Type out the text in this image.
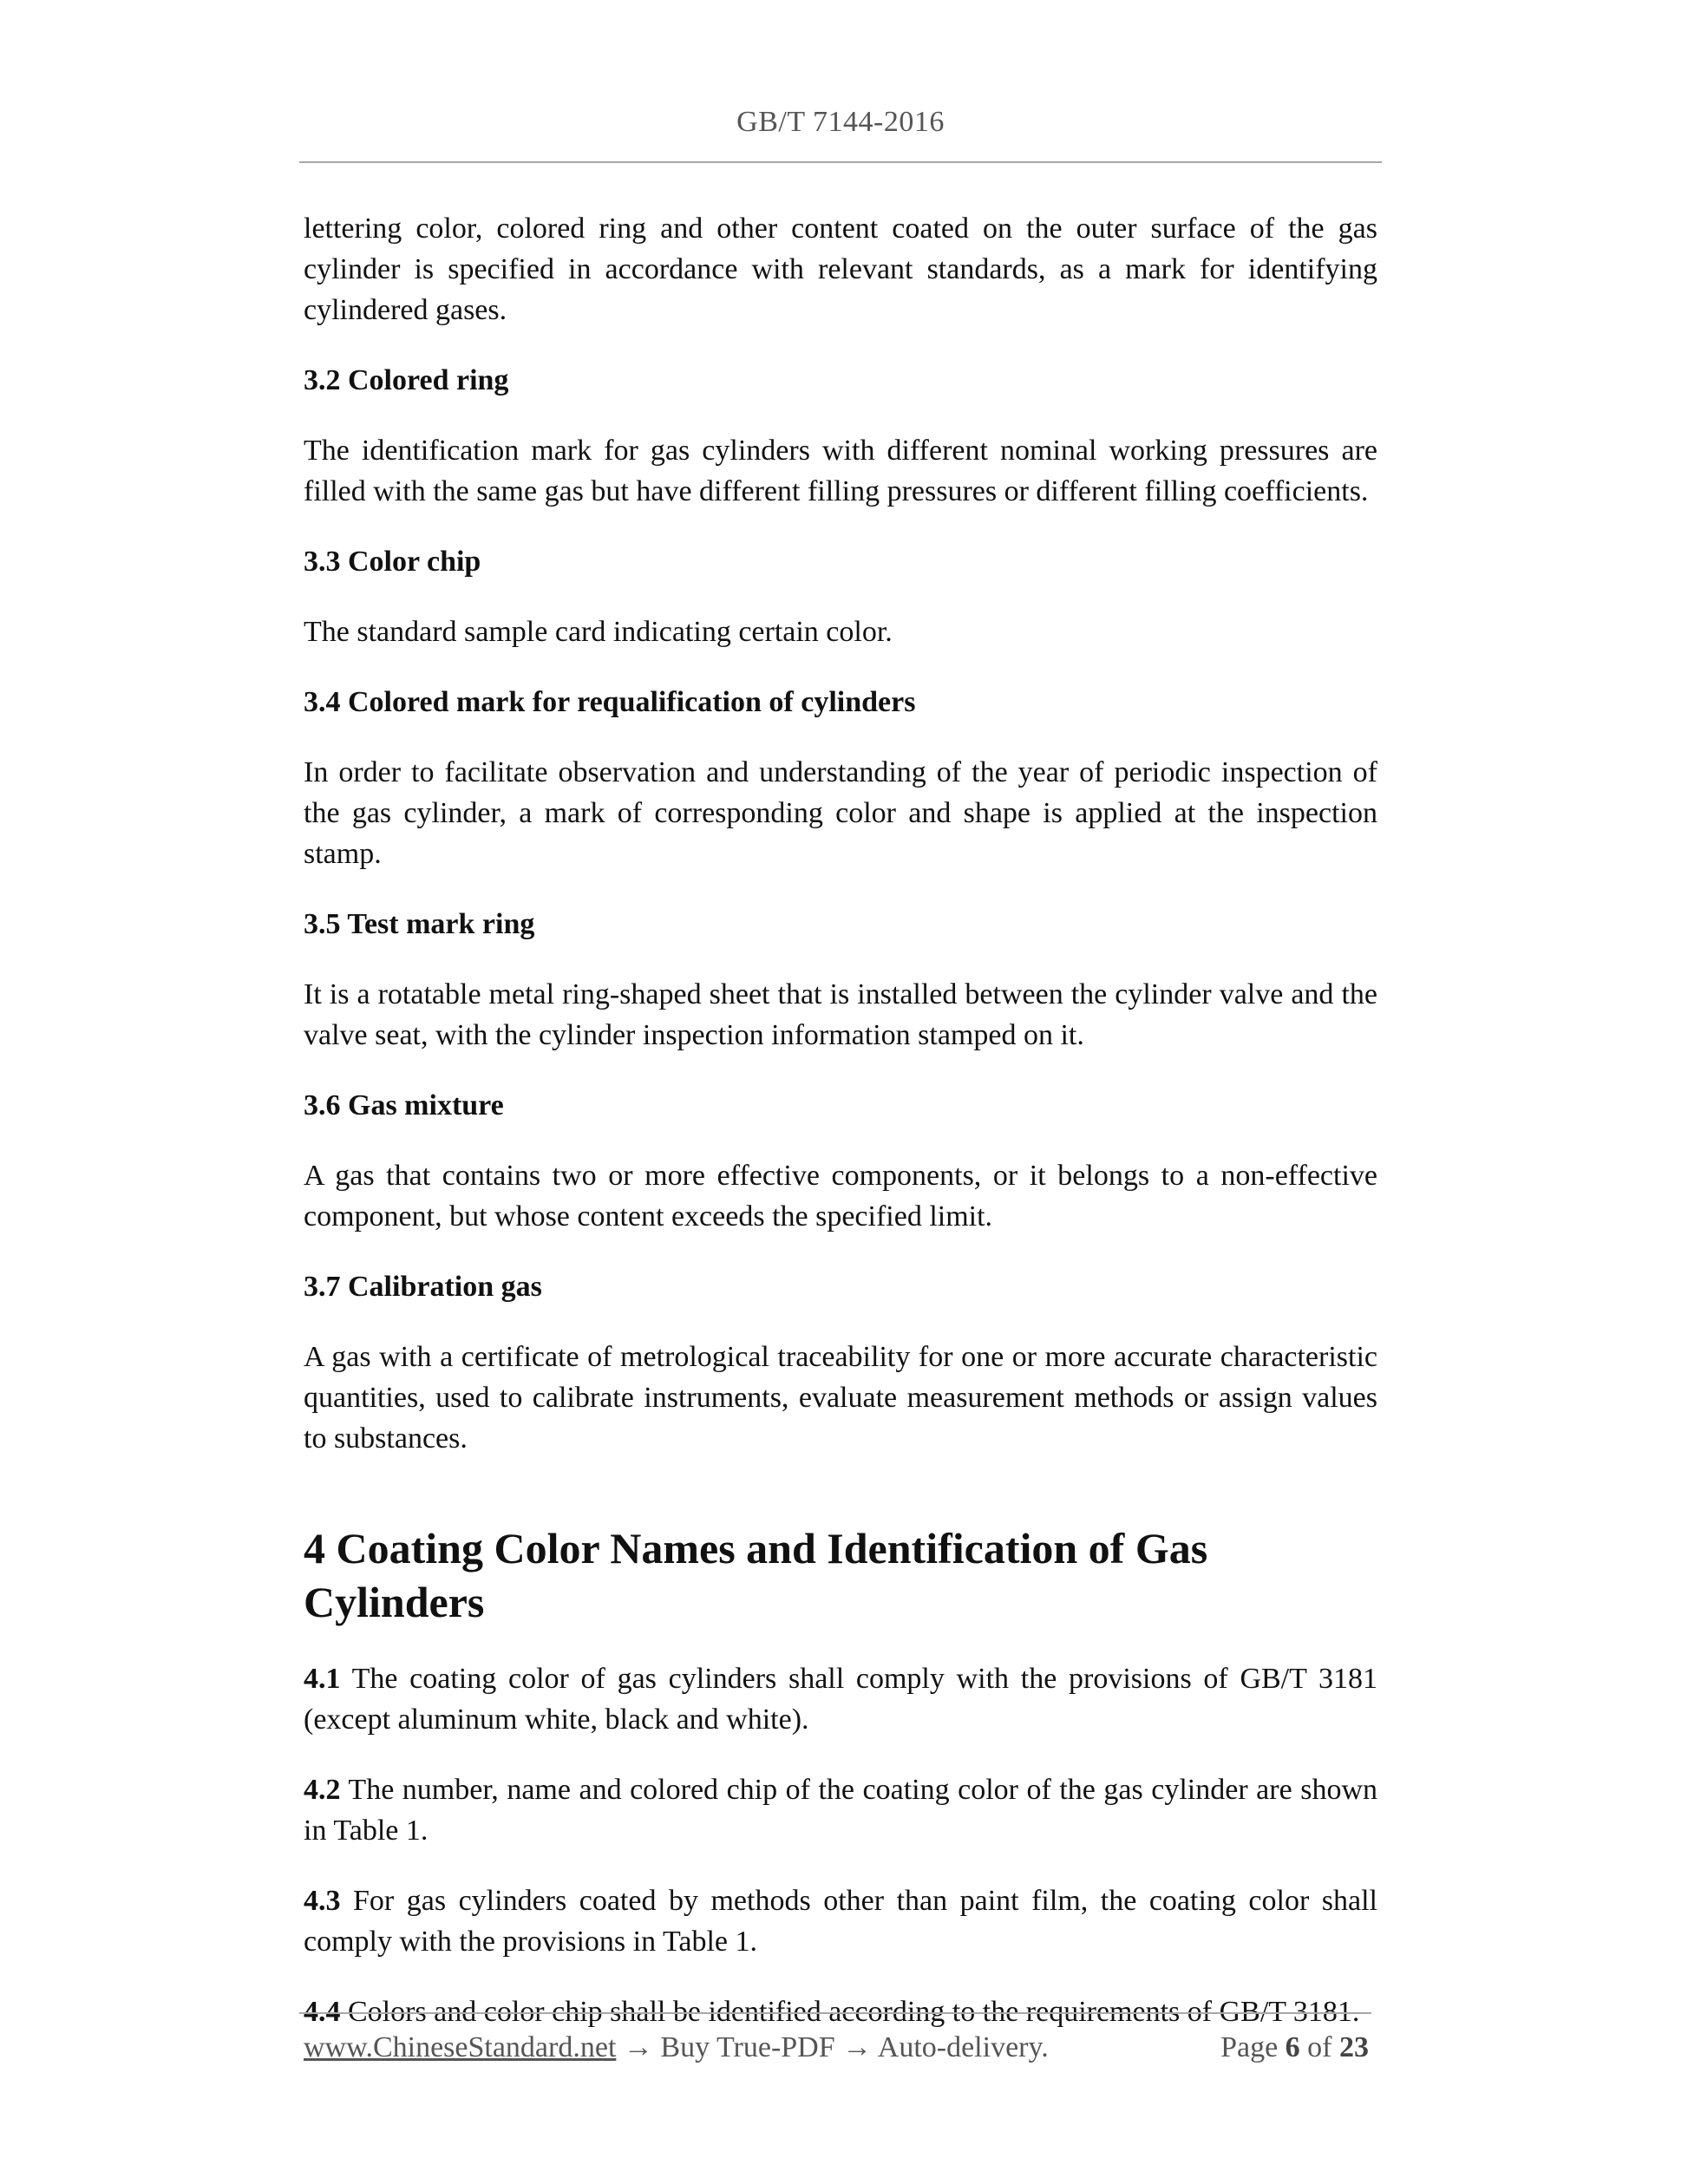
GB/T 7144-2016

lettering color, colored ring and other content coated on the outer surface of the gas cylinder is specified in accordance with relevant standards, as a mark for identifying cylindered gases.

3.2 Colored ring

The identification mark for gas cylinders with different nominal working pressures are filled with the same gas but have different filling pressures or different filling coefficients.

3.3 Color chip

The standard sample card indicating certain color.

3.4 Colored mark for requalification of cylinders

In order to facilitate observation and understanding of the year of periodic inspection of the gas cylinder, a mark of corresponding color and shape is applied at the inspection stamp.

3.5 Test mark ring

It is a rotatable metal ring-shaped sheet that is installed between the cylinder valve and the valve seat, with the cylinder inspection information stamped on it.

3.6 Gas mixture

A gas that contains two or more effective components, or it belongs to a non-effective component, but whose content exceeds the specified limit.

3.7 Calibration gas

A gas with a certificate of metrological traceability for one or more accurate characteristic quantities, used to calibrate instruments, evaluate measurement methods or assign values to substances.

4 Coating Color Names and Identification of Gas Cylinders

4.1 The coating color of gas cylinders shall comply with the provisions of GB/T 3181 (except aluminum white, black and white).

4.2 The number, name and colored chip of the coating color of the gas cylinder are shown in Table 1.

4.3 For gas cylinders coated by methods other than paint film, the coating color shall comply with the provisions in Table 1.

4.4 Colors and color chip shall be identified according to the requirements of GB/T 3181.

www.ChineseStandard.net → Buy True-PDF → Auto-delivery.	Page 6 of 23
